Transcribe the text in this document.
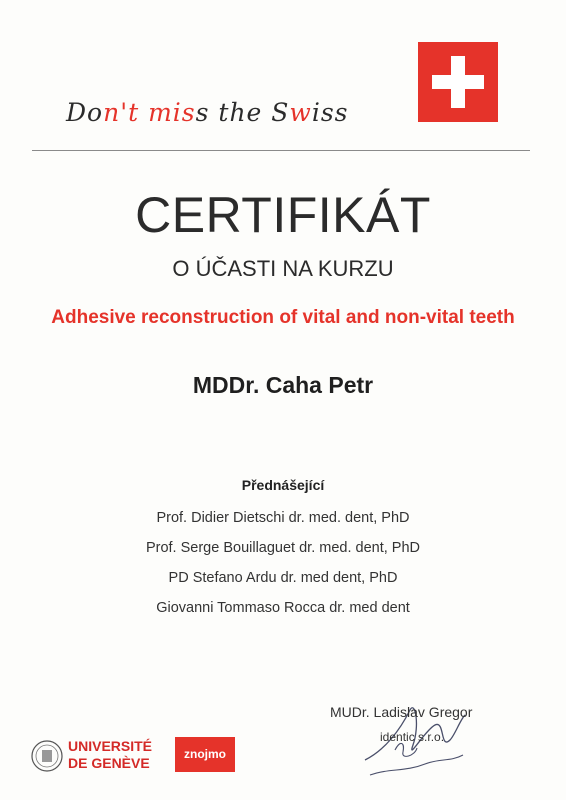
Don't miss the Swiss
CERTIFIKÁT
O ÚČASTI NA KURZU
Adhesive reconstruction of vital and non-vital teeth
MDDr. Caha Petr
Přednášející
Prof. Didier Dietschi dr. med. dent, PhD
Prof. Serge Bouillaguet dr. med. dent, PhD
PD Stefano Ardu dr. med dent, PhD
Giovanni Tommaso Rocca dr. med dent
MUDr. Ladislav Gregor
identic s.r.o.
UNIVERSITÉ
DE GENÈVE
znojmo
